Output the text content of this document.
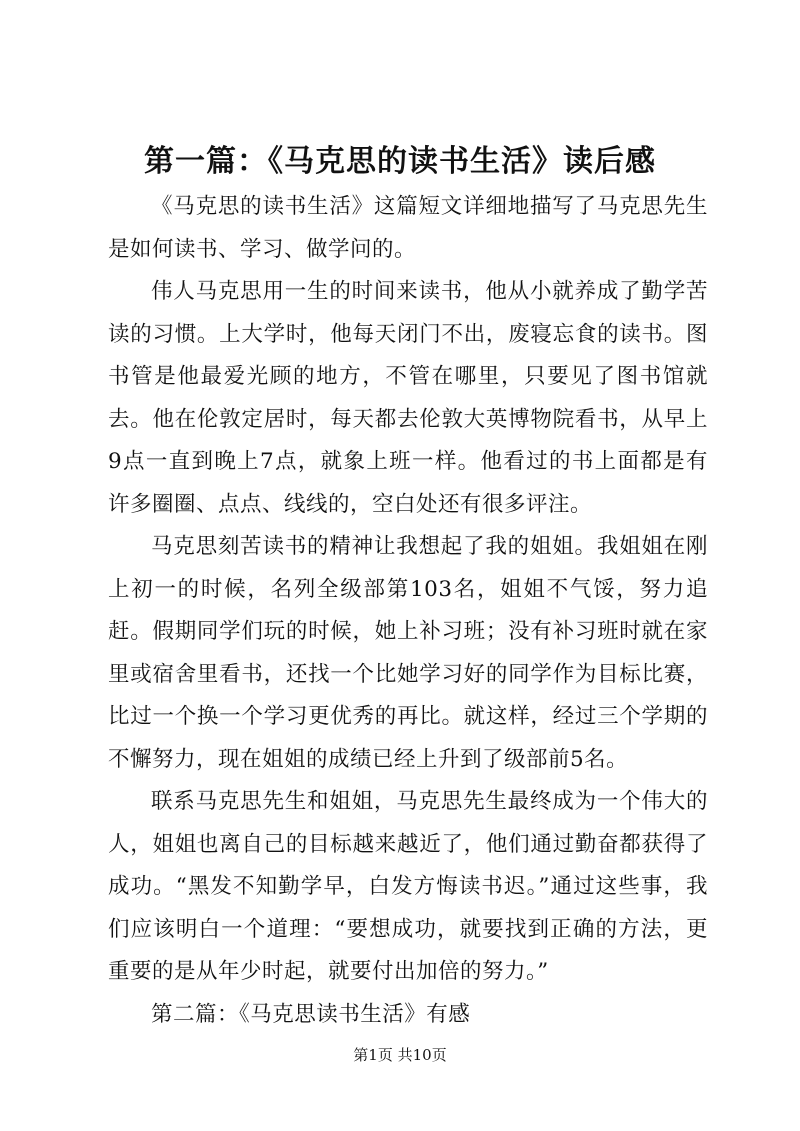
第一篇：《马克思的读书生活》读后感

《马克思的读书生活》这篇短文详细地描写了马克思先生是如何读书、学习、做学问的。

伟人马克思用一生的时间来读书，他从小就养成了勤学苦读的习惯。上大学时，他每天闭门不出，废寝忘食的读书。图书管是他最爱光顾的地方，不管在哪里，只要见了图书馆就去。他在伦敦定居时，每天都去伦敦大英博物院看书，从早上9点一直到晚上7点，就象上班一样。他看过的书上面都是有许多圈圈、点点、线线的，空白处还有很多评注。

马克思刻苦读书的精神让我想起了我的姐姐。我姐姐在刚上初一的时候，名列全级部第103名，姐姐不气馁，努力追赶。假期同学们玩的时候，她上补习班；没有补习班时就在家里或宿舍里看书，还找一个比她学习好的同学作为目标比赛，比过一个换一个学习更优秀的再比。就这样，经过三个学期的不懈努力，现在姐姐的成绩已经上升到了级部前5名。

联系马克思先生和姐姐，马克思先生最终成为一个伟大的人，姐姐也离自己的目标越来越近了，他们通过勤奋都获得了成功。“黑发不知勤学早，白发方悔读书迟。”通过这些事，我们应该明白一个道理：“要想成功，就要找到正确的方法，更重要的是从年少时起，就要付出加倍的努力。”

第二篇：《马克思读书生活》有感

第1页 共10页
